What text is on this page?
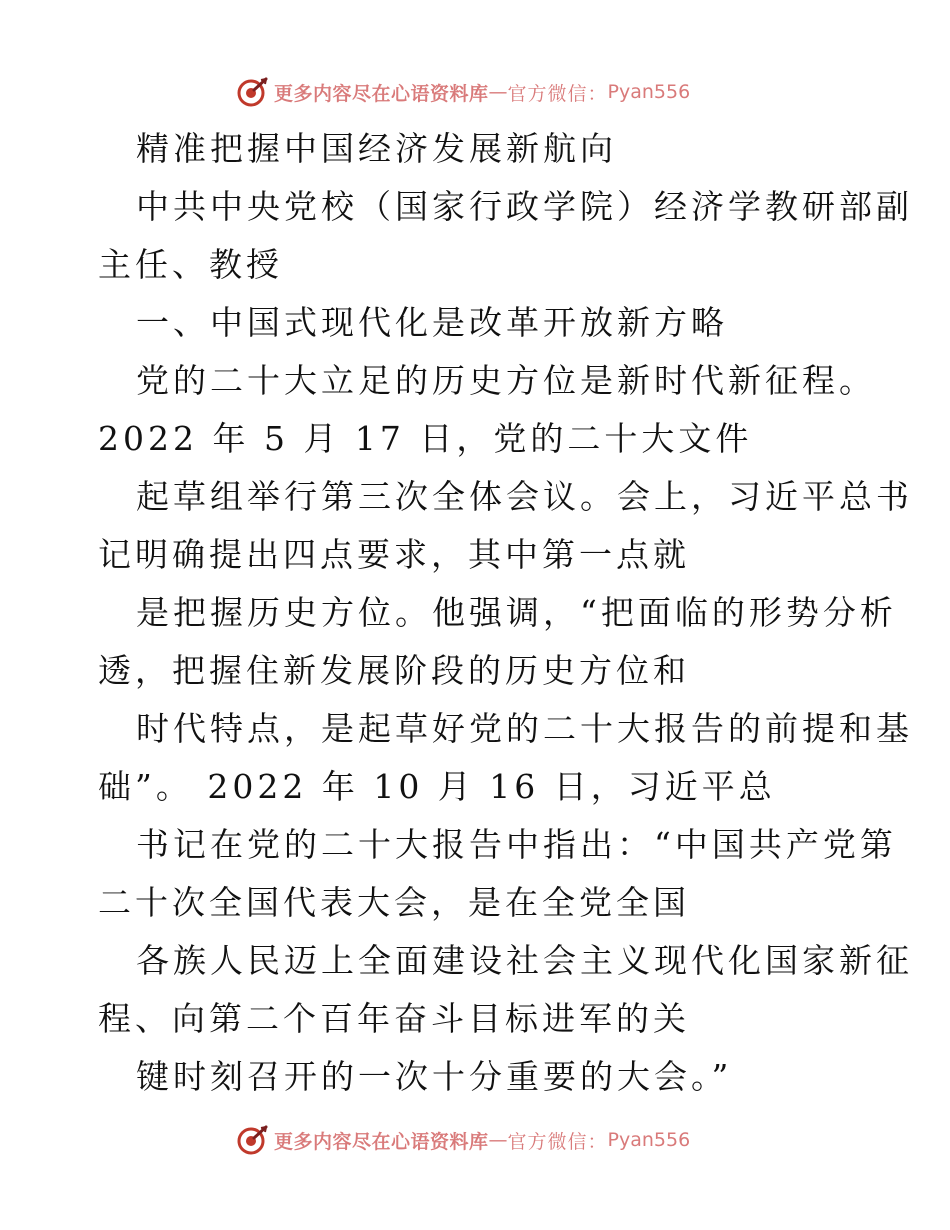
更多内容尽在心语资料库 — 官方微信： Pyan556
精准把握中国经济发展新航向
中共中央党校（国家行政学院）经济学教研部副
主任、教授
一、中国式现代化是改革开放新方略
党的二十大立足的历史方位是新时代新征程。
2022 年 5 月 17 日，党的二十大文件
起草组举行第三次全体会议。会上，习近平总书
记明确提出四点要求，其中第一点就
是把握历史方位。他强调，“把面临的形势分析
透，把握住新发展阶段的历史方位和
时代特点，是起草好党的二十大报告的前提和基
础”。 2022 年 10 月 16 日，习近平总
书记在党的二十大报告中指出：“中国共产党第
二十次全国代表大会，是在全党全国
各族人民迈上全面建设社会主义现代化国家新征
程、向第二个百年奋斗目标进军的关
键时刻召开的一次十分重要的大会。”
更多内容尽在心语资料库 — 官方微信： Pyan556
